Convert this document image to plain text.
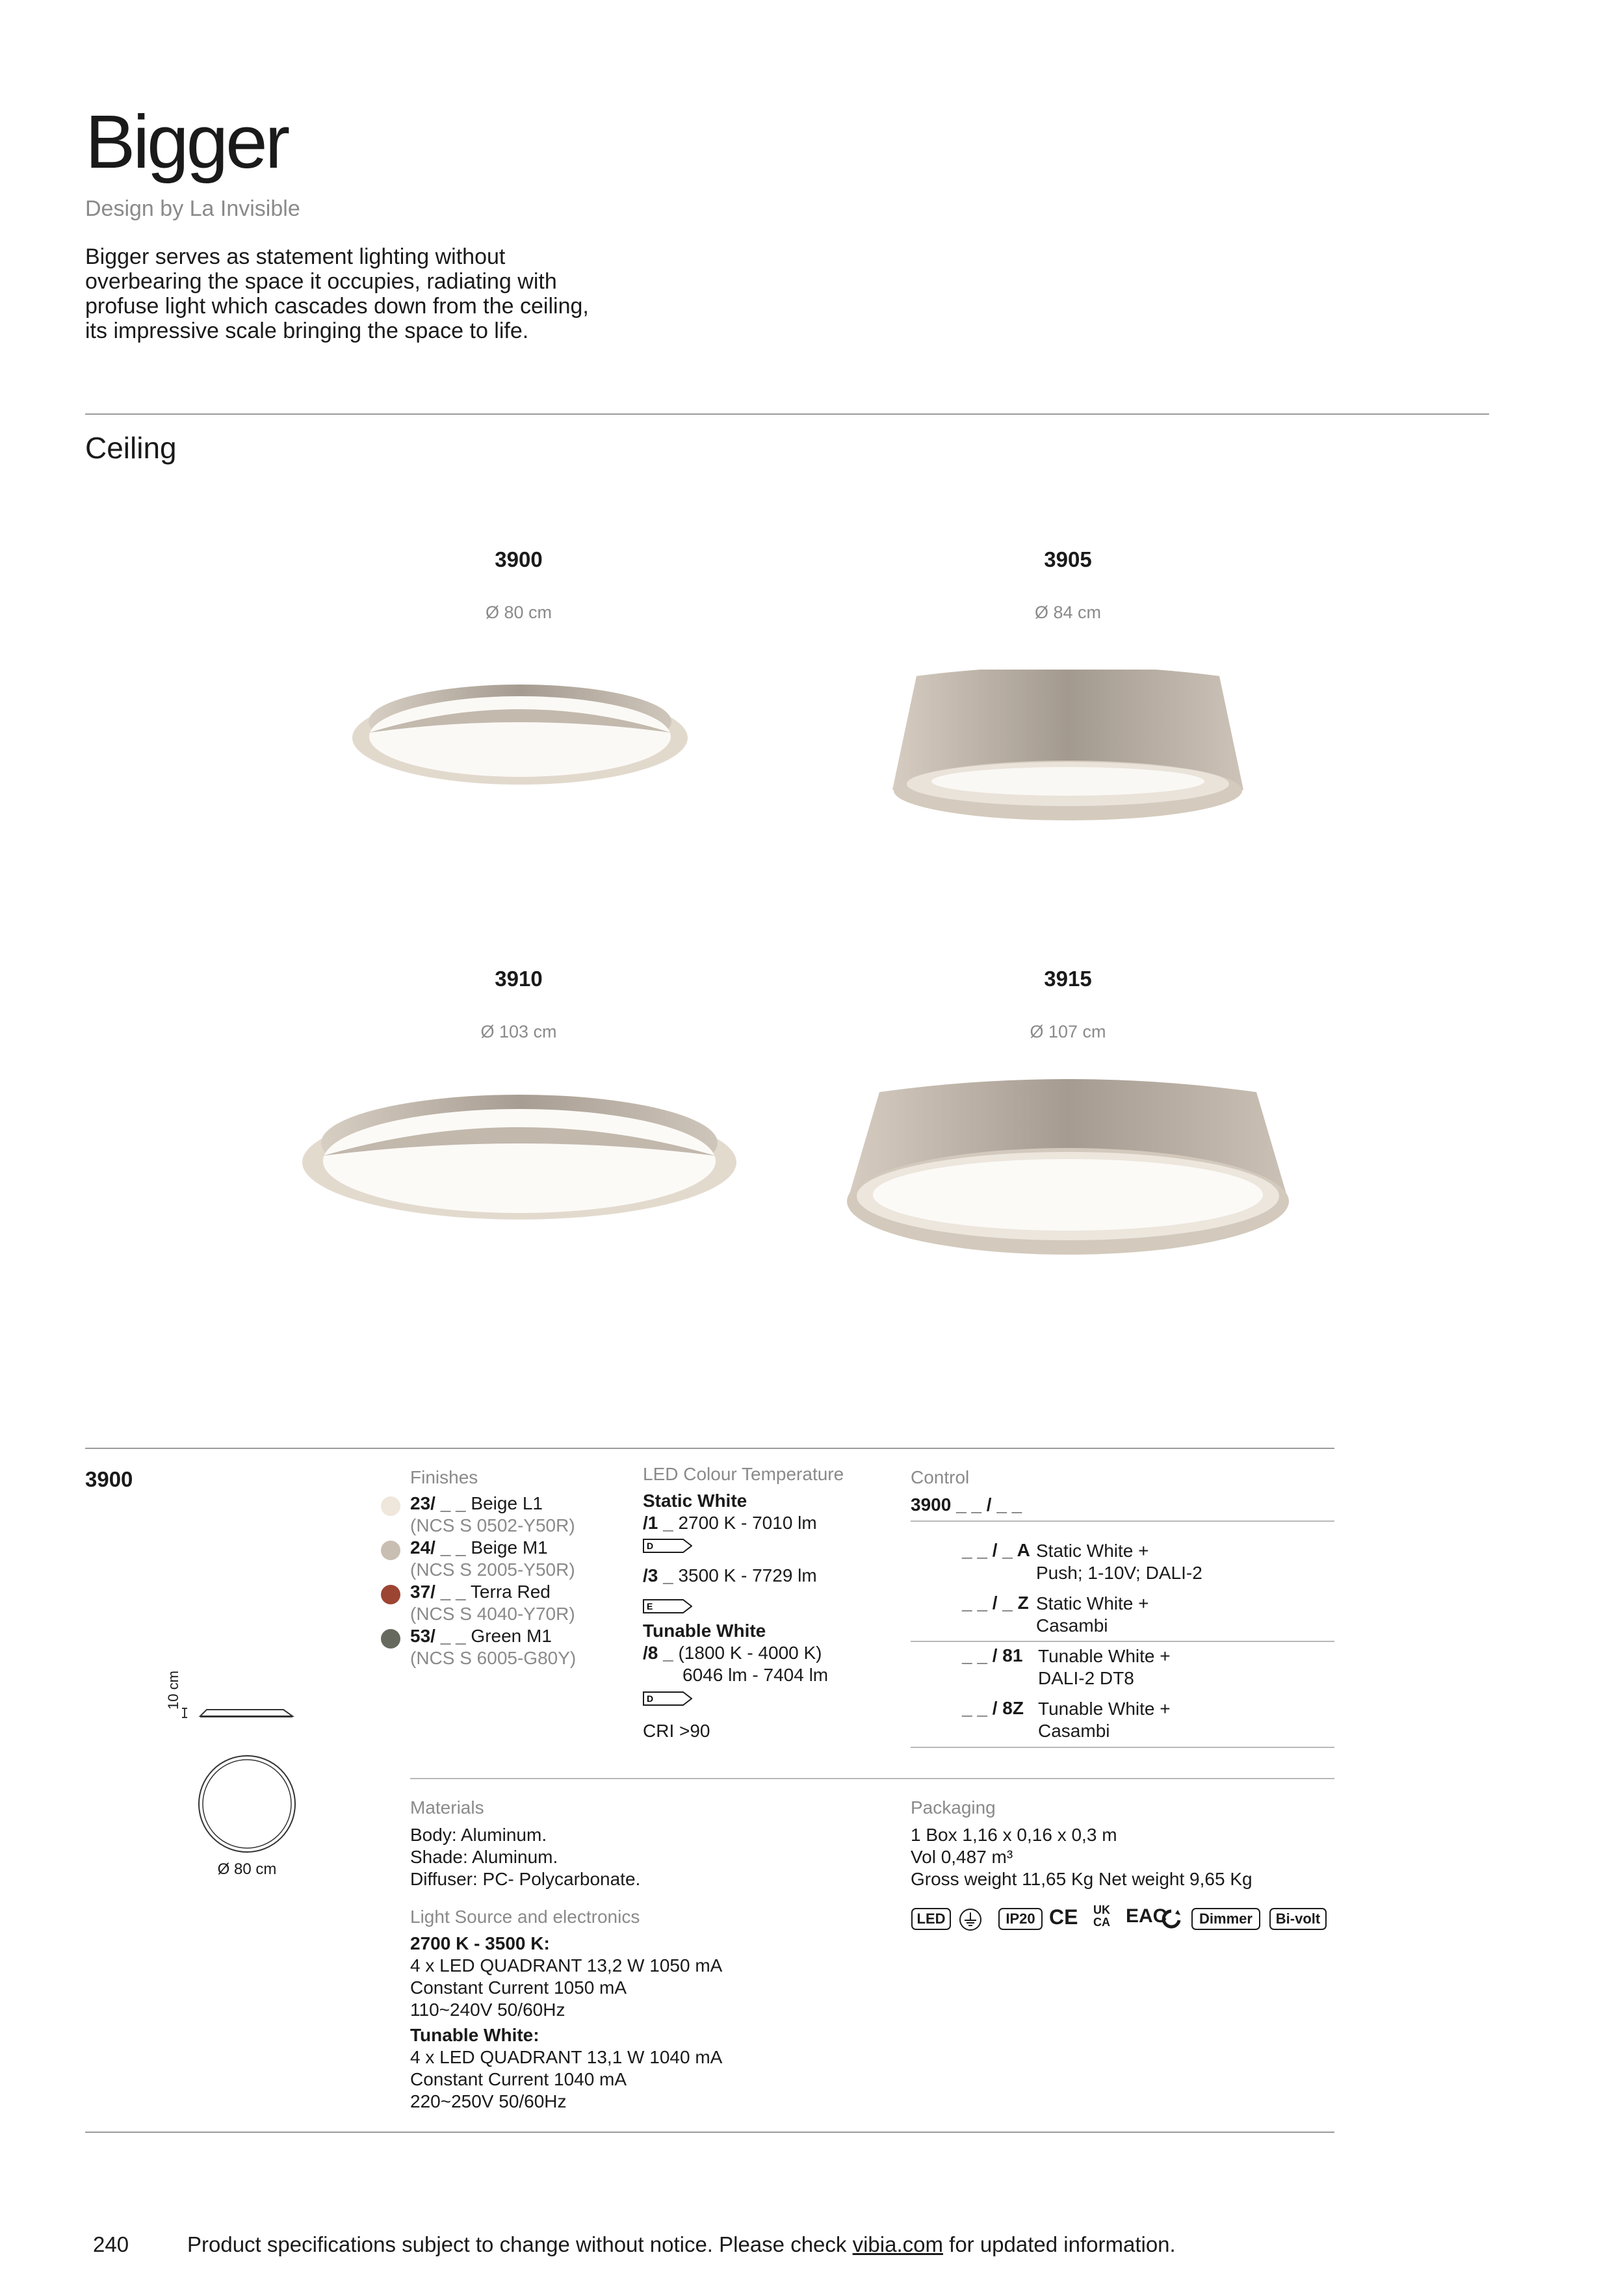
Bigger
Design by La Invisible
Bigger serves as statement lighting without overbearing the space it occupies, radiating with profuse light which cascades down from the ceiling, its impressive scale bringing the space to life.
Ceiling
3900
Ø 80 cm
3905
Ø 84 cm
3910
Ø 103 cm
3915
Ø 107 cm
3900
10 cm
Ø 80 cm
Finishes
23/ _ _ Beige L1
(NCS S 0502-Y50R)
24/ _ _ Beige M1
(NCS S 2005-Y50R)
37/ _ _ Terra Red
(NCS S 4040-Y70R)
53/ _ _ Green M1
(NCS S 6005-G80Y)
LED Colour Temperature
Static White
/1 _ 2700 K - 7010 lm
D
/3 _ 3500 K - 7729 lm
E
Tunable White
/8 _ (1800 K - 4000 K)
6046 lm - 7404 lm
D
CRI >90
Control
3900 _ _ / _ _
_ _ / _ A Static White +
Push; 1-10V; DALI-2
_ _ / _ Z Static White +
Casambi
_ _ / 81 Tunable White +
DALI-2 DT8
_ _ / 8Z Tunable White +
Casambi
Materials
Body: Aluminum.
Shade: Aluminum.
Diffuser: PC- Polycarbonate.
Light Source and electronics
2700 K - 3500 K:
4 x LED QUADRANT 13,2 W 1050 mA
Constant Current 1050 mA
110~240V 50/60Hz
Tunable White:
4 x LED QUADRANT 13,1 W 1040 mA
Constant Current 1040 mA
220~250V 50/60Hz
Packaging
1 Box 1,16 x 0,16 x 0,3 m
Vol 0,487 m³
Gross weight 11,65 Kg Net weight 9,65 Kg
LED	IP20 CE UK
CA EAC	Dimmer	Bi-volt
240	Product specifications subject to change without notice. Please check vibia.com for updated information.
